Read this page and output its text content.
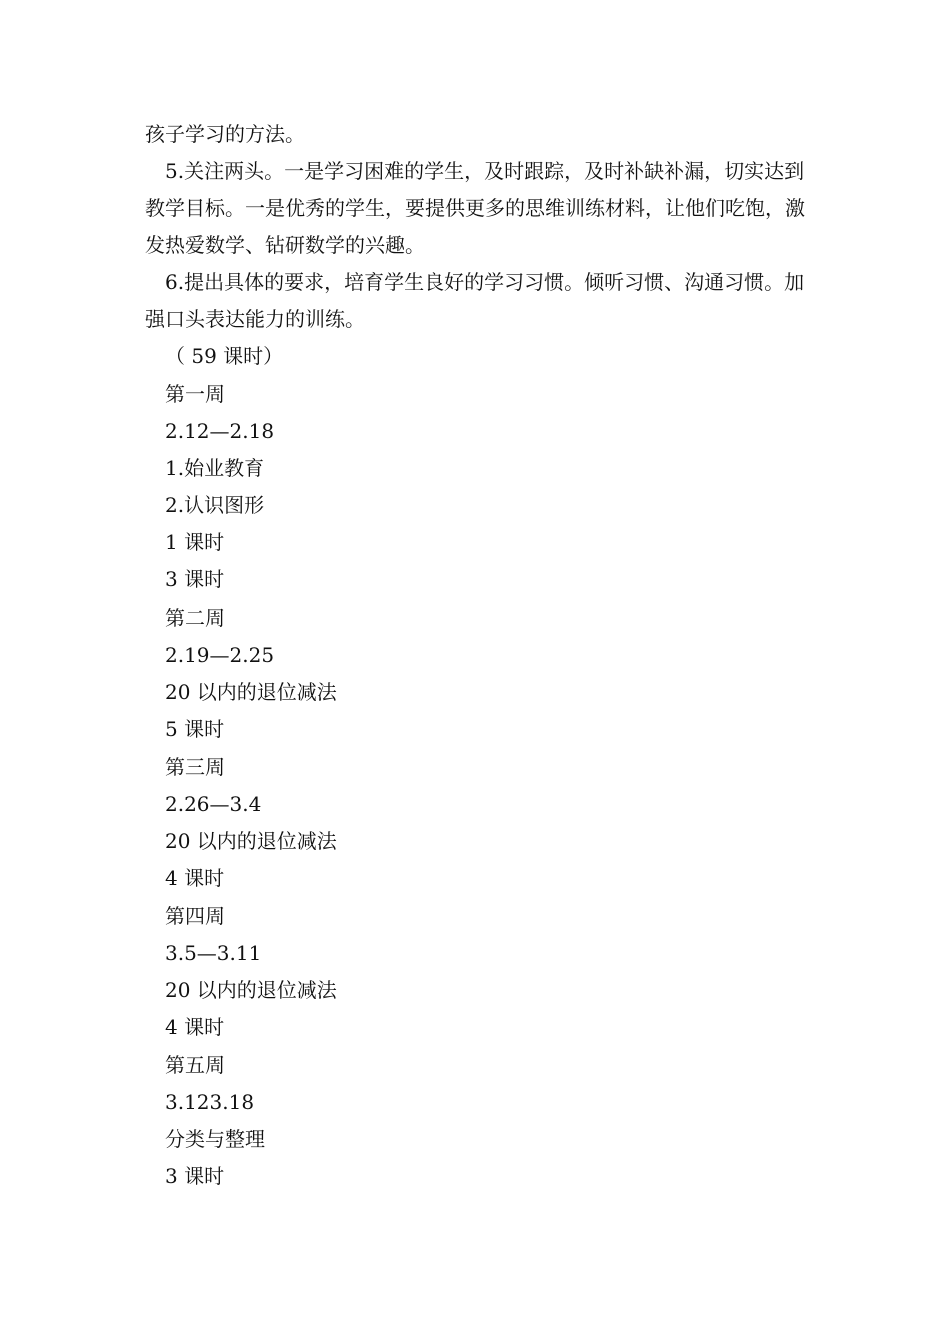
孩子学习的方法。

5.关注两头。一是学习困难的学生，及时跟踪，及时补缺补漏，切实达到教学目标。一是优秀的学生，要提供更多的思维训练材料，让他们吃饱，激发热爱数学、钻研数学的兴趣。

6.提出具体的要求，培育学生良好的学习习惯。倾听习惯、沟通习惯。加强口头表达能力的训练。

（ 59 课时）

第一周

2.12—2.18

1.始业教育

2.认识图形

1 课时

3 课时

第二周

2.19—2.25

20 以内的退位减法

5 课时

第三周

2.26—3.4

20 以内的退位减法

4 课时

第四周

3.5—3.11

20 以内的退位减法

4 课时

第五周

3.123.18

分类与整理

3 课时
